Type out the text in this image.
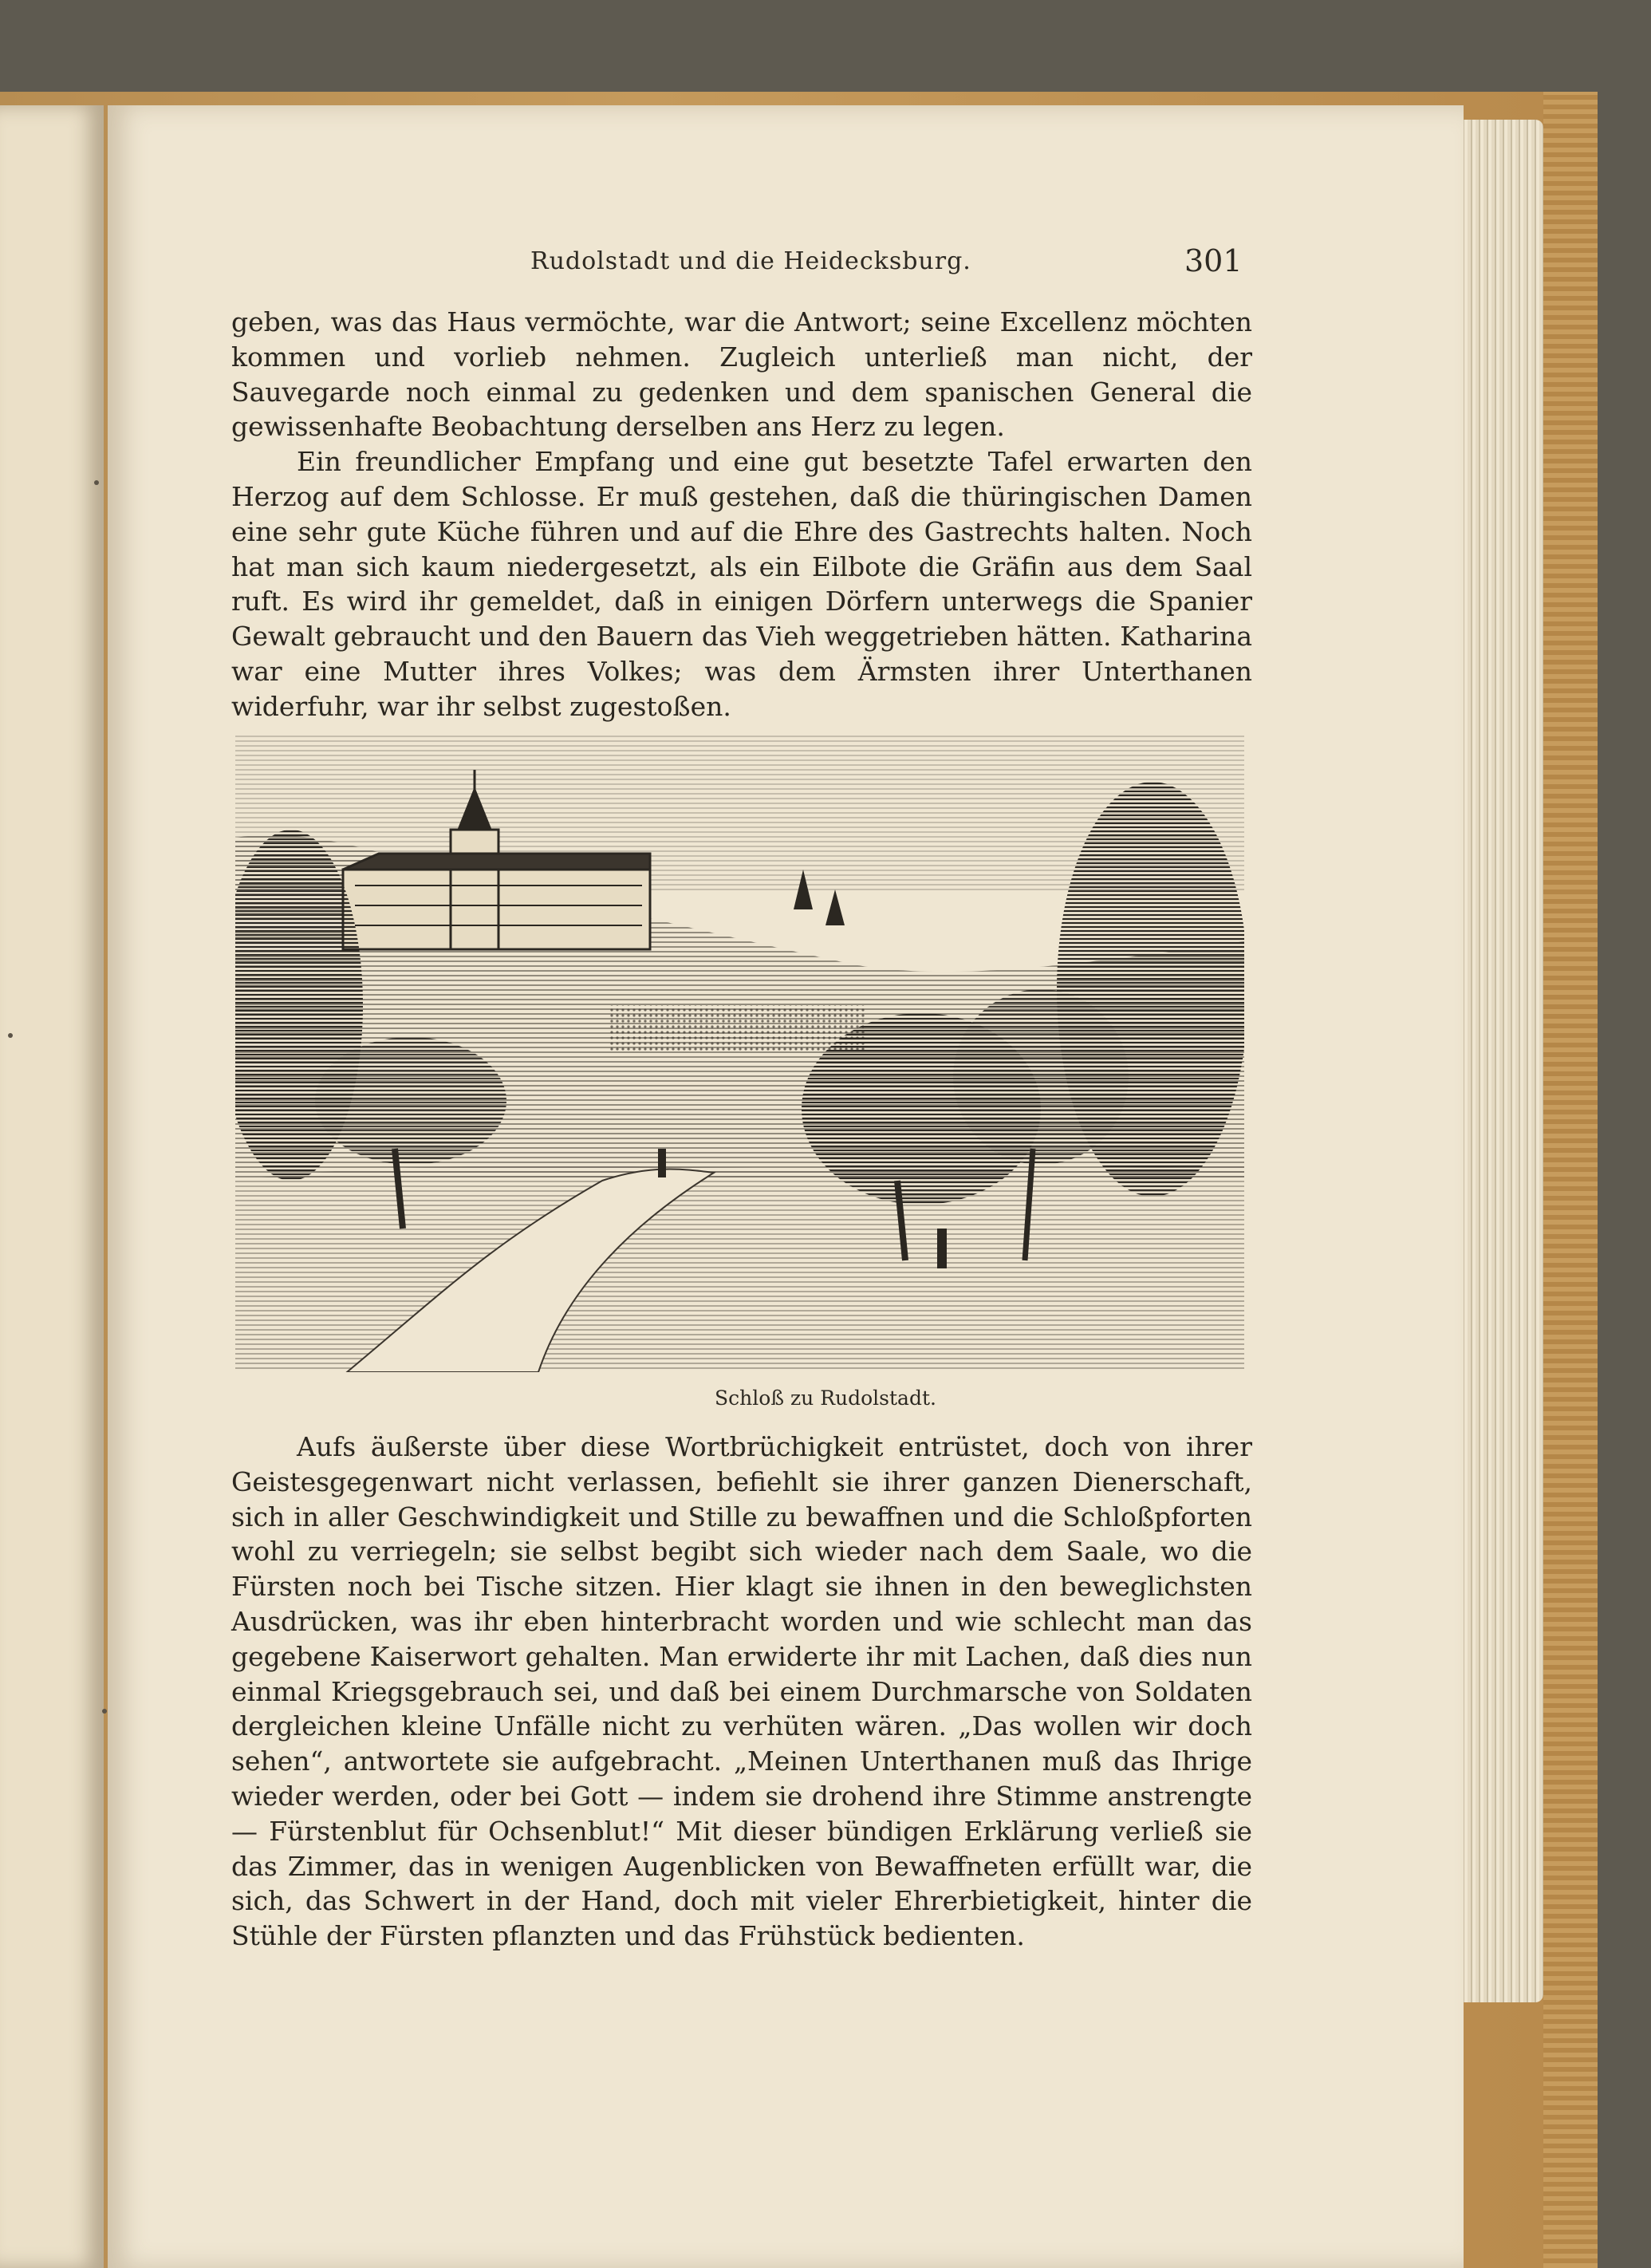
Rudolstadt und die Heidecksburg.	301

geben, was das Haus vermöchte, war die Antwort; seine Excellenz möchten kommen und vorlieb nehmen. Zugleich unterließ man nicht, der Sauvegarde noch einmal zu gedenken und dem spanischen General die gewissenhafte Beobachtung derselben ans Herz zu legen.

Ein freundlicher Empfang und eine gut besetzte Tafel erwarten den Herzog auf dem Schlosse. Er muß gestehen, daß die thüringischen Damen eine sehr gute Küche führen und auf die Ehre des Gastrechts halten. Noch hat man sich kaum niedergesetzt, als ein Eilbote die Gräfin aus dem Saal ruft. Es wird ihr gemeldet, daß in einigen Dörfern unterwegs die Spanier Gewalt gebraucht und den Bauern das Vieh weggetrieben hätten. Katharina war eine Mutter ihres Volkes; was dem Ärmsten ihrer Unterthanen widerfuhr, war ihr selbst zugestoßen.

Schloß zu Rudolstadt.

Aufs äußerste über diese Wortbrüchigkeit entrüstet, doch von ihrer Geistesgegenwart nicht verlassen, befiehlt sie ihrer ganzen Dienerschaft, sich in aller Geschwindigkeit und Stille zu bewaffnen und die Schloßpforten wohl zu verriegeln; sie selbst begibt sich wieder nach dem Saale, wo die Fürsten noch bei Tische sitzen. Hier klagt sie ihnen in den beweglichsten Ausdrücken, was ihr eben hinterbracht worden und wie schlecht man das gegebene Kaiserwort gehalten. Man erwiderte ihr mit Lachen, daß dies nun einmal Kriegsgebrauch sei, und daß bei einem Durchmarsche von Soldaten dergleichen kleine Unfälle nicht zu verhüten wären. „Das wollen wir doch sehen“, antwortete sie aufgebracht. „Meinen Unterthanen muß das Ihrige wieder werden, oder bei Gott — indem sie drohend ihre Stimme anstrengte — Fürstenblut für Ochsenblut!“ Mit dieser bündigen Erklärung verließ sie das Zimmer, das in wenigen Augenblicken von Bewaffneten erfüllt war, die sich, das Schwert in der Hand, doch mit vieler Ehrerbietigkeit, hinter die Stühle der Fürsten pflanzten und das Frühstück bedienten.
